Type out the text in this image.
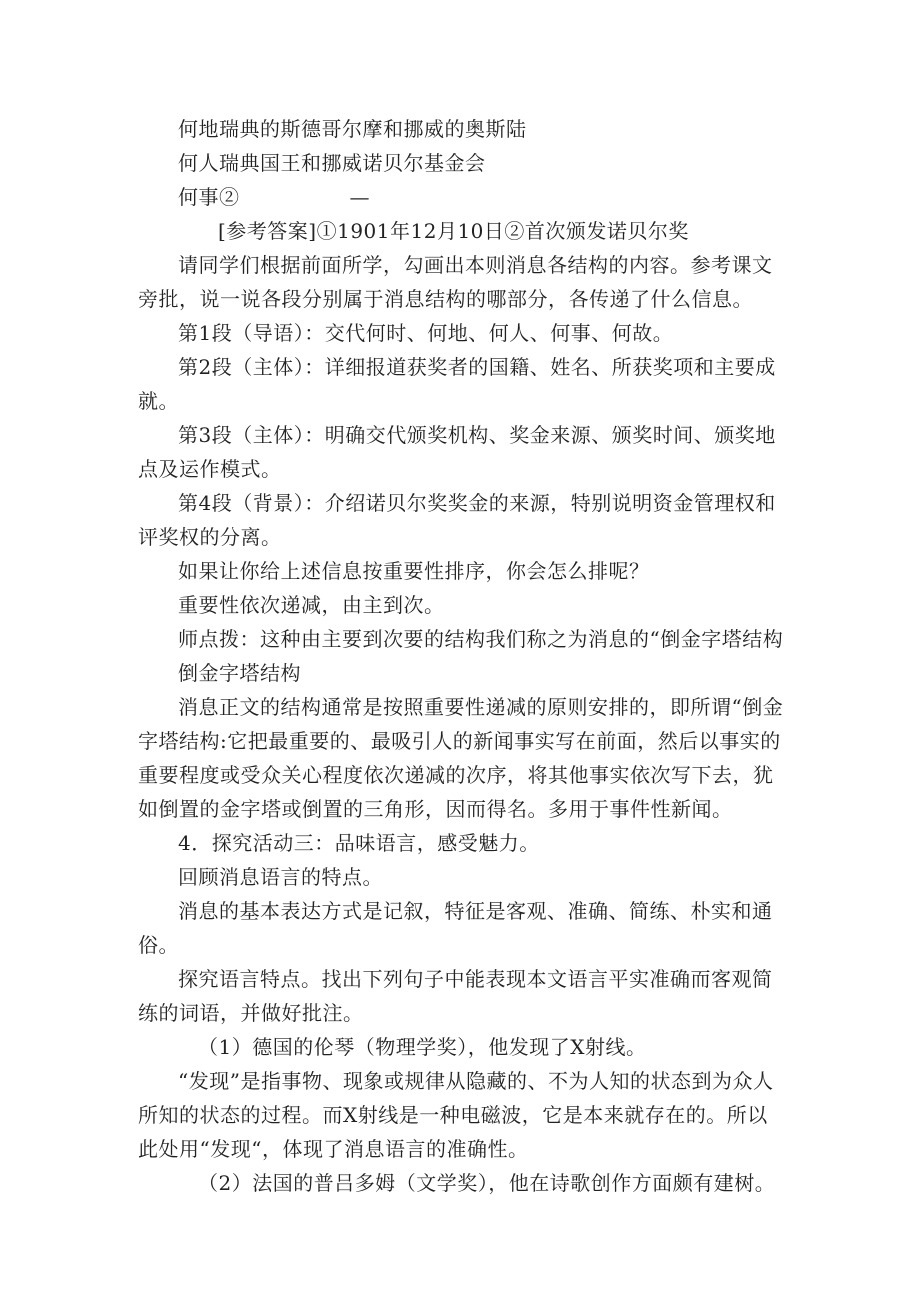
何地瑞典的斯德哥尔摩和挪威的奥斯陆

何人瑞典国王和挪威诺贝尔基金会

何事②	—

[参考答案]①1901年12月10日②首次颁发诺贝尔奖

请同学们根据前面所学，勾画出本则消息各结构的内容。参考课文旁批，说一说各段分别属于消息结构的哪部分，各传递了什么信息。

第1段（导语）：交代何时、何地、何人、何事、何故。

第2段（主体）：详细报道获奖者的国籍、姓名、所获奖项和主要成就。

第3段（主体）：明确交代颁奖机构、奖金来源、颁奖时间、颁奖地点及运作模式。

第4段（背景）：介绍诺贝尔奖奖金的来源，特别说明资金管理权和评奖权的分离。

如果让你给上述信息按重要性排序，你会怎么排呢？

重要性依次递减，由主到次。

师点拨：这种由主要到次要的结构我们称之为消息的“倒金字塔结构

倒金字塔结构

消息正文的结构通常是按照重要性递减的原则安排的，即所谓“倒金字塔结构:它把最重要的、最吸引人的新闻事实写在前面，然后以事实的重要程度或受众关心程度依次递减的次序，将其他事实依次写下去，犹如倒置的金字塔或倒置的三角形，因而得名。多用于事件性新闻。

4．探究活动三：品味语言，感受魅力。

回顾消息语言的特点。

消息的基本表达方式是记叙，特征是客观、准确、简练、朴实和通俗。

探究语言特点。找出下列句子中能表现本文语言平实准确而客观简练的词语，并做好批注。

（1）德国的伦琴（物理学奖），他发现了X射线。

“发现”是指事物、现象或规律从隐藏的、不为人知的状态到为众人所知的状态的过程。而X射线是一种电磁波，它是本来就存在的。所以此处用“发现“，体现了消息语言的准确性。

（2）法国的普吕多姆（文学奖），他在诗歌创作方面颇有建树。
